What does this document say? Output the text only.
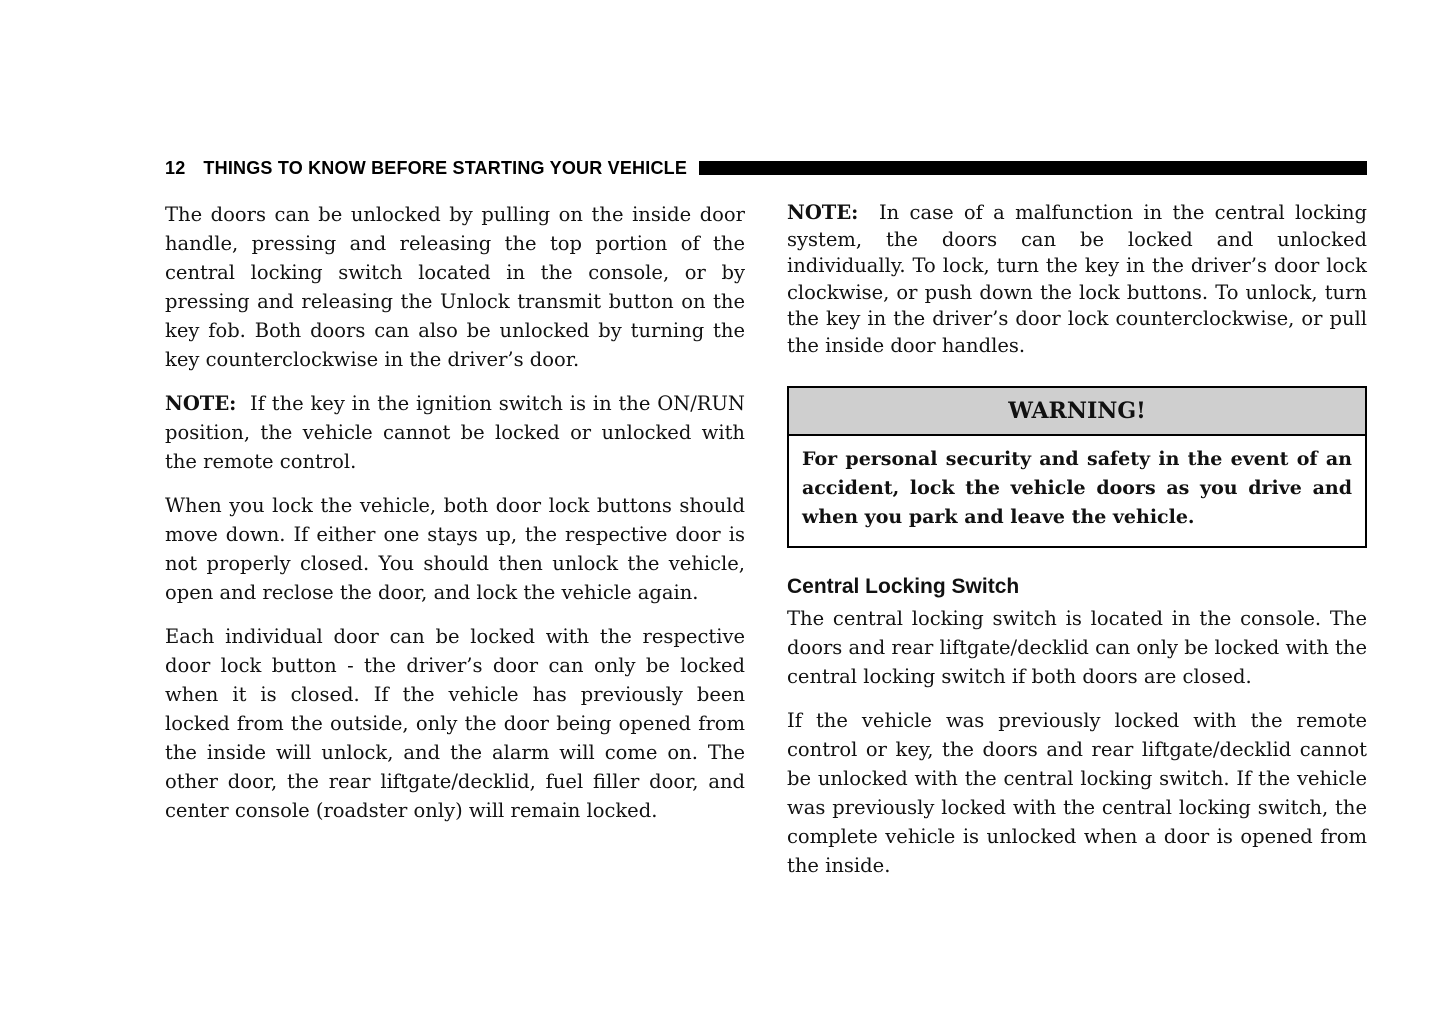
12 THINGS TO KNOW BEFORE STARTING YOUR VEHICLE

The doors can be unlocked by pulling on the inside door handle, pressing and releasing the top portion of the central locking switch located in the console, or by pressing and releasing the Unlock transmit button on the key fob. Both doors can also be unlocked by turning the key counterclockwise in the driver’s door.

NOTE: If the key in the ignition switch is in the ON/RUN position, the vehicle cannot be locked or unlocked with the remote control.

When you lock the vehicle, both door lock buttons should move down. If either one stays up, the respective door is not properly closed. You should then unlock the vehicle, open and reclose the door, and lock the vehicle again.

Each individual door can be locked with the respective door lock button - the driver’s door can only be locked when it is closed. If the vehicle has previously been locked from the outside, only the door being opened from the inside will unlock, and the alarm will come on. The other door, the rear liftgate/decklid, fuel filler door, and center console (roadster only) will remain locked.

NOTE: In case of a malfunction in the central locking system, the doors can be locked and unlocked individually. To lock, turn the key in the driver’s door lock clockwise, or push down the lock buttons. To unlock, turn the key in the driver’s door lock counterclockwise, or pull the inside door handles.

WARNING!
For personal security and safety in the event of an accident, lock the vehicle doors as you drive and when you park and leave the vehicle.
Central Locking Switch

The central locking switch is located in the console. The doors and rear liftgate/decklid can only be locked with the central locking switch if both doors are closed.

If the vehicle was previously locked with the remote control or key, the doors and rear liftgate/decklid cannot be unlocked with the central locking switch. If the vehicle was previously locked with the central locking switch, the complete vehicle is unlocked when a door is opened from the inside.
